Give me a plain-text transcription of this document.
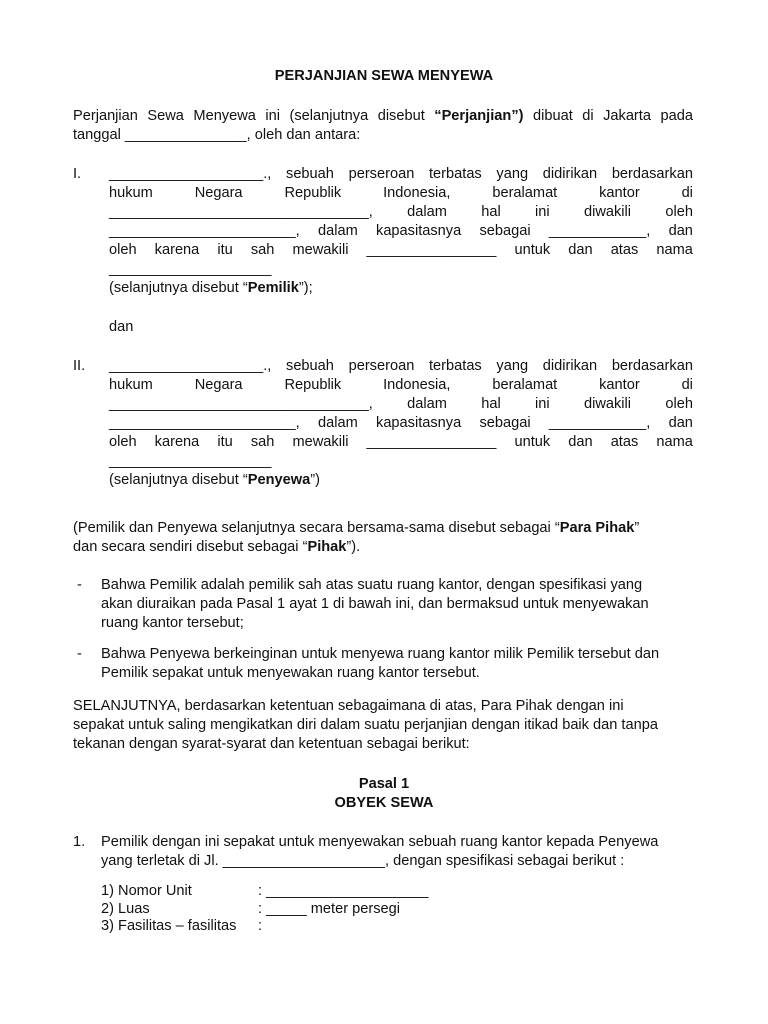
PERJANJIAN SEWA MENYEWA
Perjanjian Sewa Menyewa ini (selanjutnya disebut “Perjanjian”) dibuat di Jakarta pada
tanggal _______________, oleh dan antara:
I. ___________________., sebuah perseroan terbatas yang didirikan berdasarkan
hukum	Negara	Republik	Indonesia,	beralamat	kantor	di
________________________________, dalam hal ini diwakili oleh
_______________________, dalam kapasitasnya sebagai ____________, dan
oleh karena itu sah mewakili ________________ untuk dan atas nama
____________________
(selanjutnya disebut “Pemilik”);
dan
II. ___________________., sebuah perseroan terbatas yang didirikan berdasarkan
hukum	Negara	Republik	Indonesia,	beralamat	kantor	di
________________________________, dalam hal ini diwakili oleh
_______________________, dalam kapasitasnya sebagai ____________, dan
oleh karena itu sah mewakili ________________ untuk dan atas nama
____________________
(selanjutnya disebut “Penyewa”)
(Pemilik dan Penyewa selanjutnya secara bersama-sama disebut sebagai “Para Pihak”
dan secara sendiri disebut sebagai “Pihak”).
- Bahwa Pemilik adalah pemilik sah atas suatu ruang kantor, dengan spesifikasi yang
akan diuraikan pada Pasal 1 ayat 1 di bawah ini, dan bermaksud untuk menyewakan
ruang kantor tersebut;
- Bahwa Penyewa berkeinginan untuk menyewa ruang kantor milik Pemilik tersebut dan
Pemilik sepakat untuk menyewakan ruang kantor tersebut.
SELANJUTNYA, berdasarkan ketentuan sebagaimana di atas, Para Pihak dengan ini
sepakat untuk saling mengikatkan diri dalam suatu perjanjian dengan itikad baik dan tanpa
tekanan dengan syarat-syarat dan ketentuan sebagai berikut:
Pasal 1
OBYEK SEWA
1. Pemilik dengan ini sepakat untuk menyewakan sebuah ruang kantor kepada Penyewa
yang terletak di Jl. ____________________, dengan spesifikasi sebagai berikut :
1) Nomor Unit	: ____________________
2) Luas	: _____ meter persegi
3) Fasilitas – fasilitas :
